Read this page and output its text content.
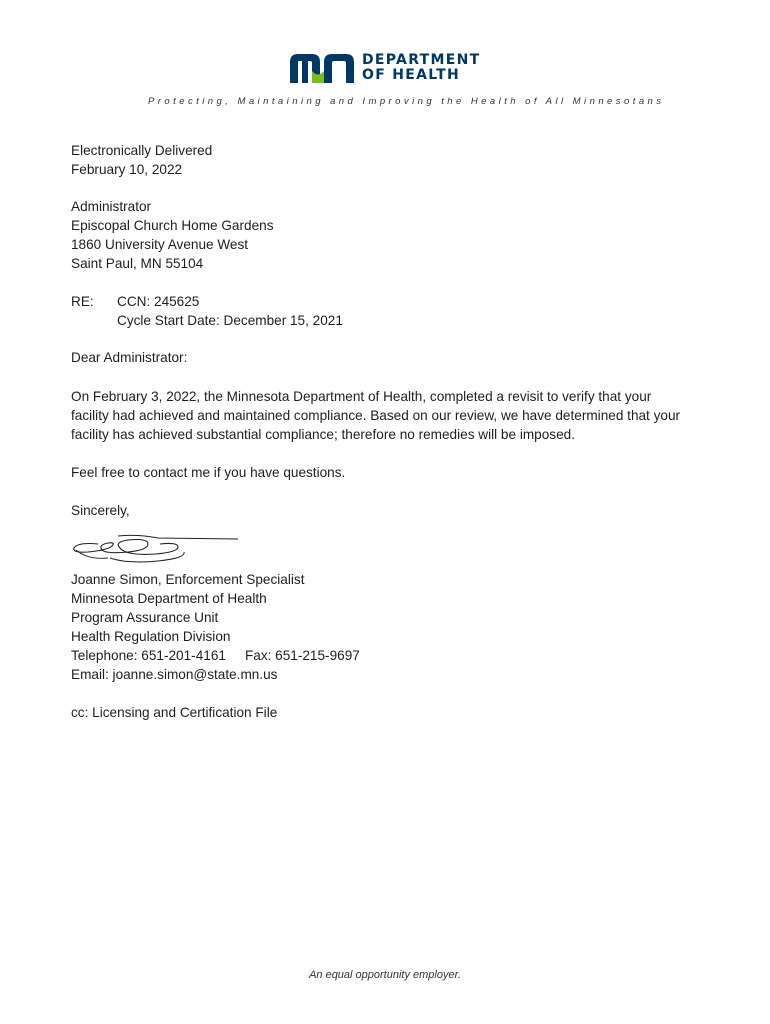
DEPARTMENT
OF HEALTH
Protecting, Maintaining and Improving the Health of All Minnesotans
Electronically Delivered
February 10, 2022
Administrator
Episcopal Church Home Gardens
1860 University Avenue West
Saint Paul, MN 55104
RE:	CCN: 245625
Cycle Start Date: December 15, 2021
Dear Administrator:
On February 3, 2022, the Minnesota Department of Health, completed a revisit to verify that your
facility had achieved and maintained compliance. Based on our review, we have determined that your
facility has achieved substantial compliance; therefore no remedies will be imposed.
Feel free to contact me if you have questions.
Sincerely,
Joanne Simon, Enforcement Specialist
Minnesota Department of Health
Program Assurance Unit
Health Regulation Division
Telephone: 651-201-4161 Fax: 651-215-9697
Email: joanne.simon@state.mn.us
cc: Licensing and Certification File
An equal opportunity employer.
